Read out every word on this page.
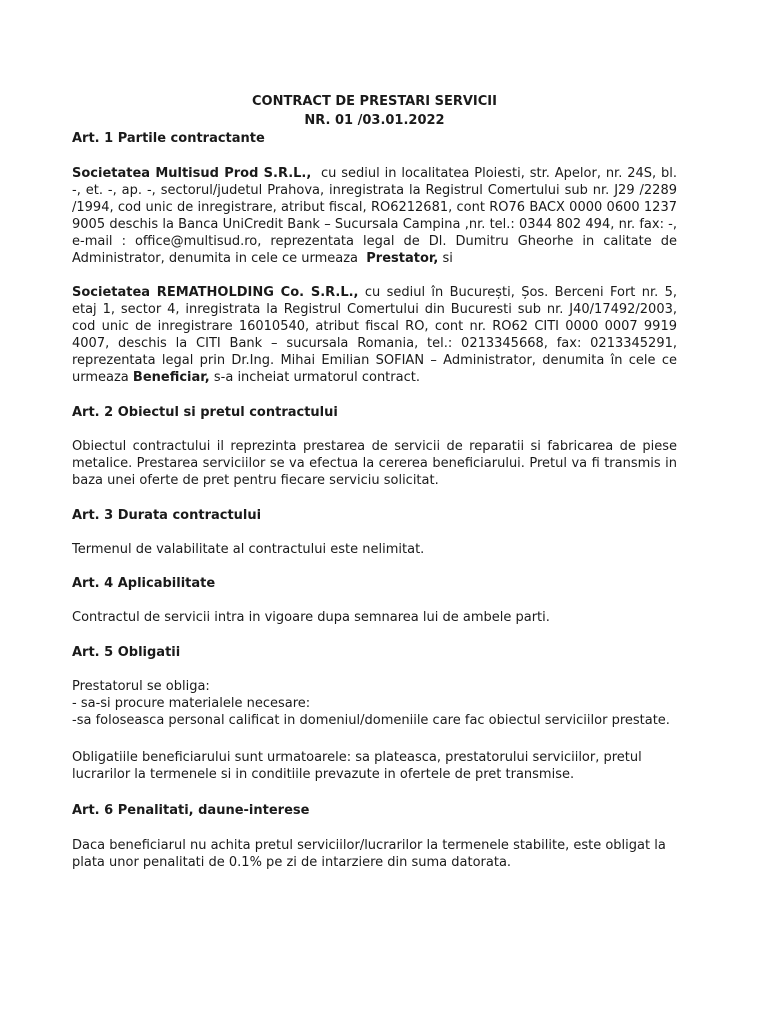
CONTRACT DE PRESTARI SERVICII
NR. 01 /03.01.2022
Art. 1 Partile contractante

Societatea Multisud Prod S.R.L., cu sediul in localitatea Ploiesti, str. Apelor, nr. 24S, bl. -, et. -, ap. -, sectorul/judetul Prahova, inregistrata la Registrul Comertului sub nr. J29 /2289 /1994, cod unic de inregistrare, atribut fiscal, RO6212681, cont RO76 BACX 0000 0600 1237 9005 deschis la Banca UniCredit Bank – Sucursala Campina ,nr. tel.: 0344 802 494, nr. fax: -, e-mail : office@multisud.ro, reprezentata legal de Dl. Dumitru Gheorhe in calitate de Administrator, denumita in cele ce urmeaza Prestator, si

Societatea REMATHOLDING Co. S.R.L., cu sediul în București, Șos. Berceni Fort nr. 5, etaj 1, sector 4, inregistrata la Registrul Comertului din Bucuresti sub nr. J40/17492/2003, cod unic de inregistrare 16010540, atribut fiscal RO, cont nr. RO62 CITI 0000 0007 9919 4007, deschis la CITI Bank – sucursala Romania, tel.: 0213345668, fax: 0213345291, reprezentata legal prin Dr.Ing. Mihai Emilian SOFIAN – Administrator, denumita în cele ce urmeaza Beneficiar, s-a incheiat urmatorul contract.

Art. 2 Obiectul si pretul contractului

Obiectul contractului il reprezinta prestarea de servicii de reparatii si fabricarea de piese metalice. Prestarea serviciilor se va efectua la cererea beneficiarului. Pretul va fi transmis in baza unei oferte de pret pentru fiecare serviciu solicitat.

Art. 3 Durata contractului

Termenul de valabilitate al contractului este nelimitat.

Art. 4 Aplicabilitate

Contractul de servicii intra in vigoare dupa semnarea lui de ambele parti.

Art. 5 Obligatii

Prestatorul se obliga:

- sa-si procure materialele necesare:

-sa foloseasca personal calificat in domeniul/domeniile care fac obiectul serviciilor prestate.

Obligatiile beneficiarului sunt urmatoarele: sa plateasca, prestatorului serviciilor, pretul lucrarilor la termenele si in conditiile prevazute in ofertele de pret transmise.

Art. 6 Penalitati, daune-interese

Daca beneficiarul nu achita pretul serviciilor/lucrarilor la termenele stabilite, este obligat la plata unor penalitati de 0.1% pe zi de intarziere din suma datorata.
